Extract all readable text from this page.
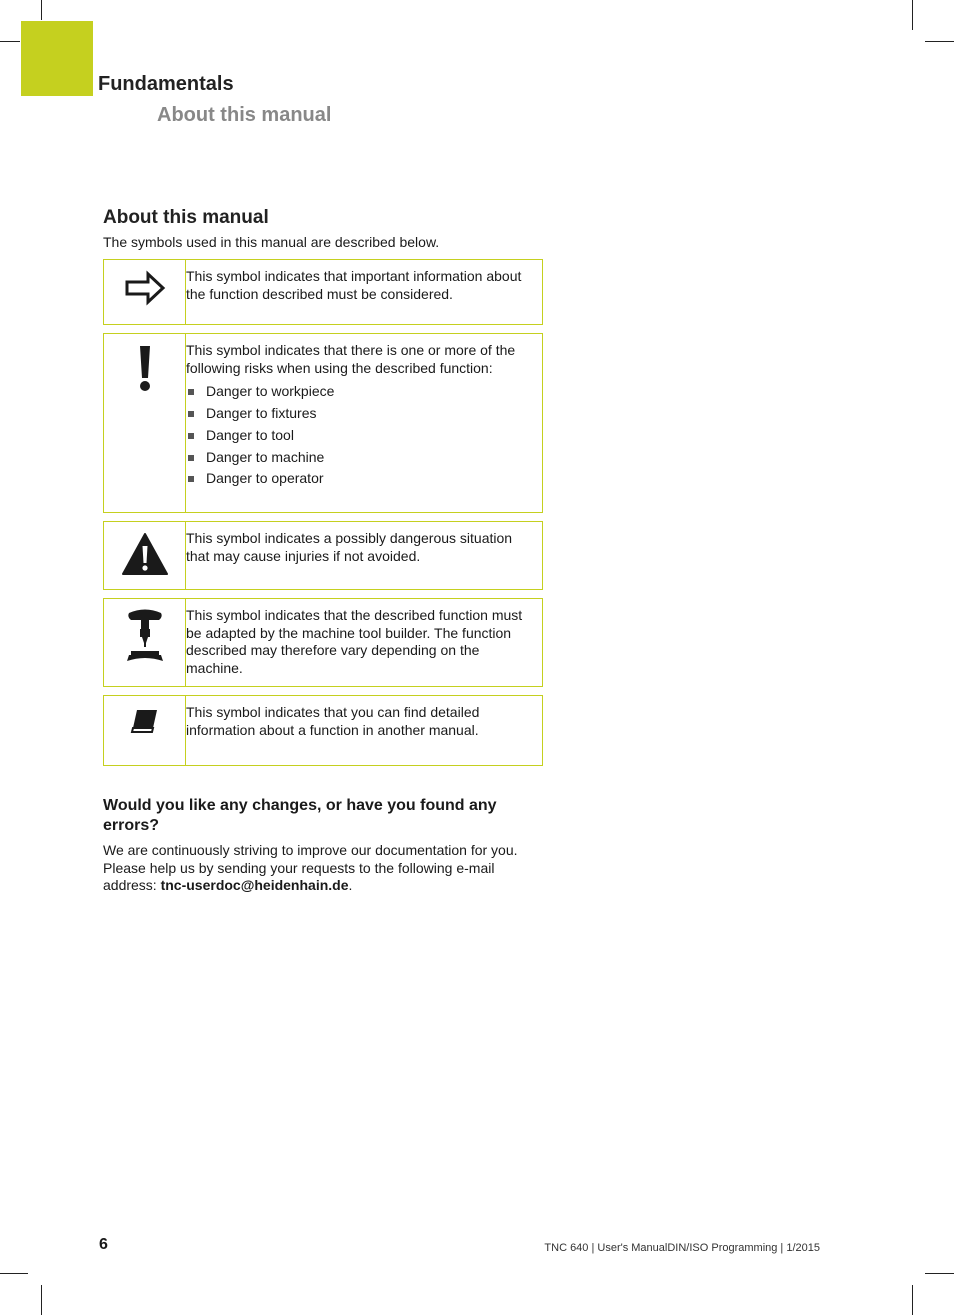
Fundamentals
About this manual
About this manual

The symbols used in this manual are described below.

This symbol indicates that important information about the function described must be considered.

This symbol indicates that there is one or more of the following risks when using the described function:

Danger to workpiece
Danger to fixtures
Danger to tool
Danger to machine
Danger to operator

This symbol indicates a possibly dangerous situation that may cause injuries if not avoided.

This symbol indicates that the described function must be adapted by the machine tool builder. The function described may therefore vary depending on the machine.

This symbol indicates that you can find detailed information about a function in another manual.

Would you like any changes, or have you found any errors?

We are continuously striving to improve our documentation for you. Please help us by sending your requests to the following e-mail address: tnc-userdoc@heidenhain.de.

6	TNC 640 | User's ManualDIN/ISO Programming | 1/2015
